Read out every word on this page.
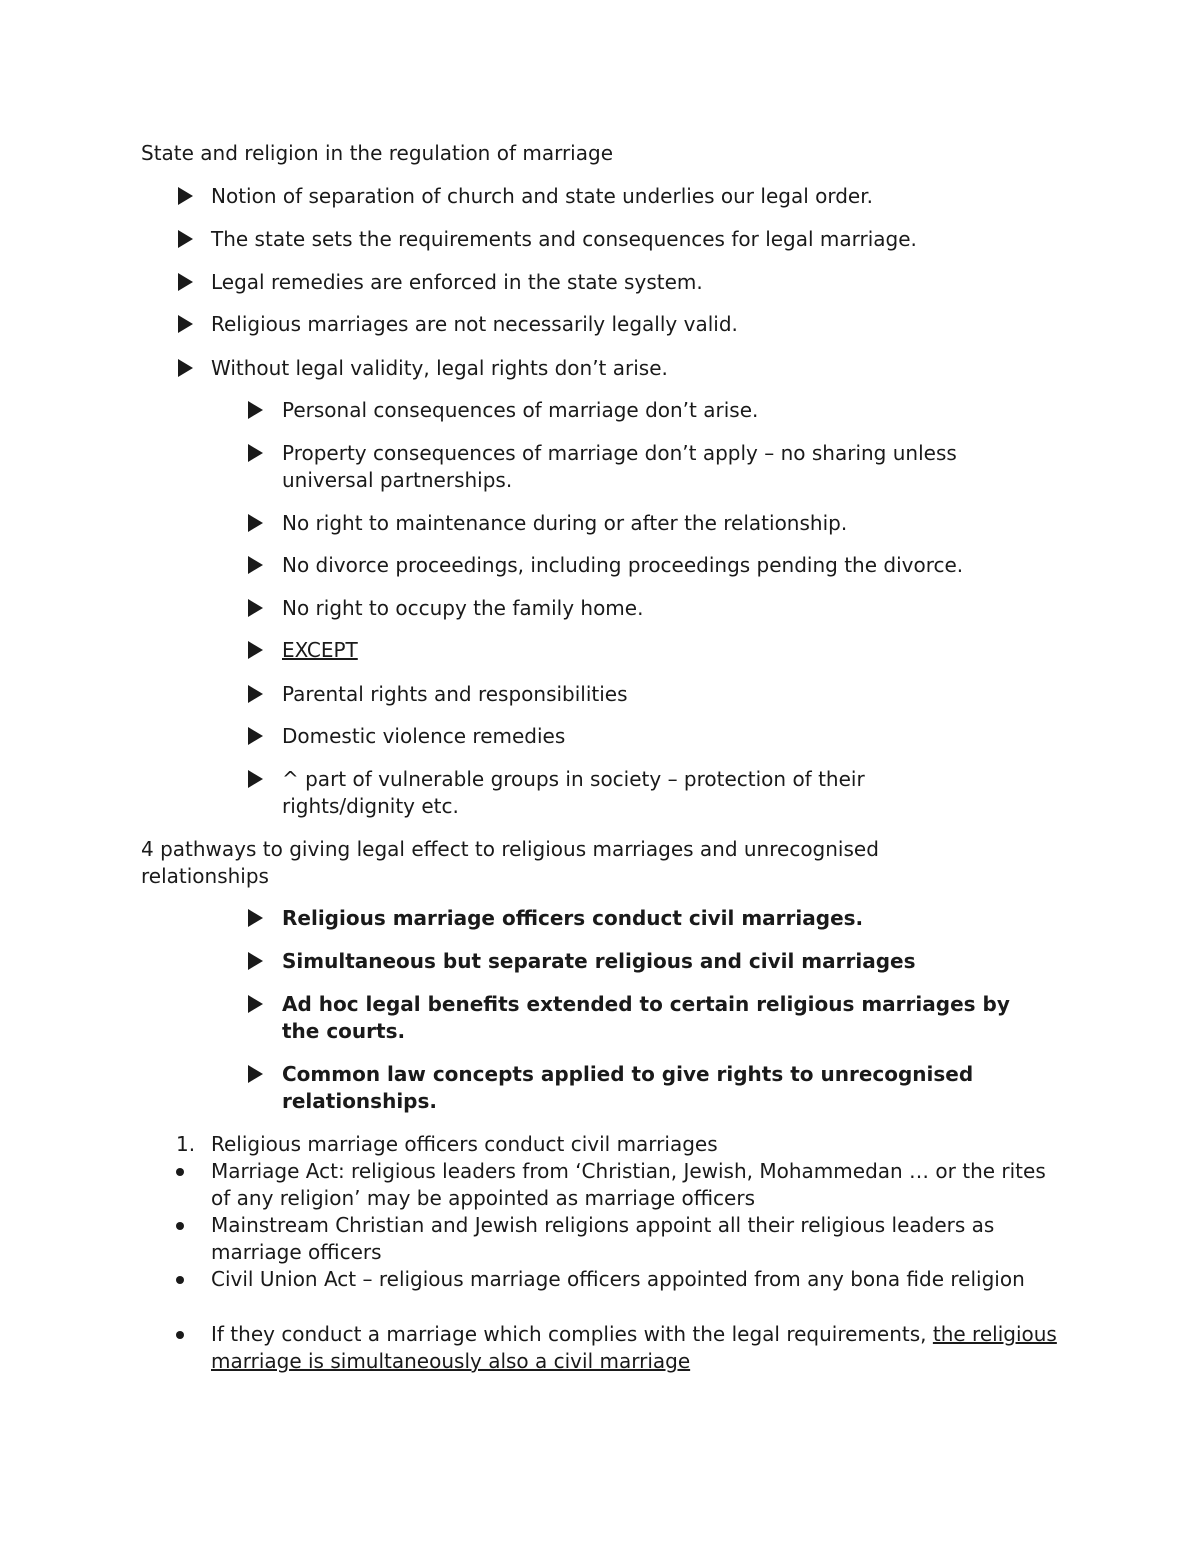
State and religion in the regulation of marriage
Notion of separation of church and state underlies our legal order.
The state sets the requirements and consequences for legal marriage.
Legal remedies are enforced in the state system.
Religious marriages are not necessarily legally valid.
Without legal validity, legal rights don’t arise.
Personal consequences of marriage don’t arise.
Property consequences of marriage don’t apply – no sharing unless universal partnerships.
No right to maintenance during or after the relationship.
No divorce proceedings, including proceedings pending the divorce.
No right to occupy the family home.
EXCEPT
Parental rights and responsibilities
Domestic violence remedies
^ part of vulnerable groups in society – protection of their rights/dignity etc.
4 pathways to giving legal effect to religious marriages and unrecognised relationships
Religious marriage officers conduct civil marriages.
Simultaneous but separate religious and civil marriages
Ad hoc legal benefits extended to certain religious marriages by the courts.
Common law concepts applied to give rights to unrecognised relationships.
1. Religious marriage officers conduct civil marriages
Marriage Act: religious leaders from ‘Christian, Jewish, Mohammedan … or the rites of any religion’ may be appointed as marriage officers
Mainstream Christian and Jewish religions appoint all their religious leaders as marriage officers
Civil Union Act – religious marriage officers appointed from any bona fide religion
If they conduct a marriage which complies with the legal requirements, the religious marriage is simultaneously also a civil marriage
